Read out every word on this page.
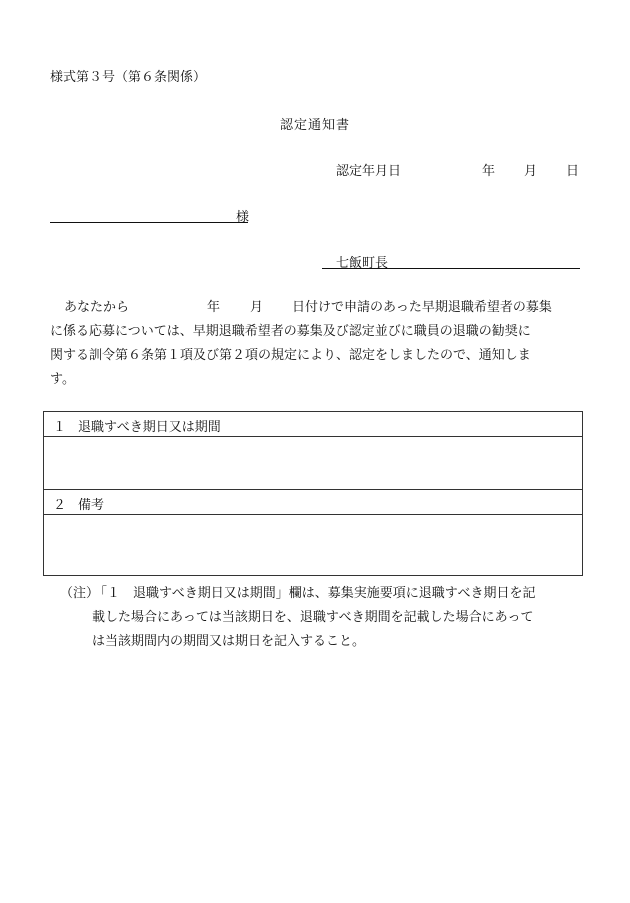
様式第３号（第６条関係）
認定通知書
認定年月日	年 月 日
様
七飯町長
あなたから	年 月 日付けで申請のあった早期退職希望者の募集
に係る応募については、早期退職希望者の募集及び認定並びに職員の退職の勧奨に
関する訓令第６条第１項及び第２項の規定により、認定をしましたので、通知しま
す。
１ 退職すべき期日又は期間
２ 備考
（注）
「１　退職すべき期日又は期間」欄は、募集実施要項に退職すべき期日を記
載した場合にあっては当該期日を、退職すべき期間を記載した場合にあって
は当該期間内の期間又は期日を記入すること。
